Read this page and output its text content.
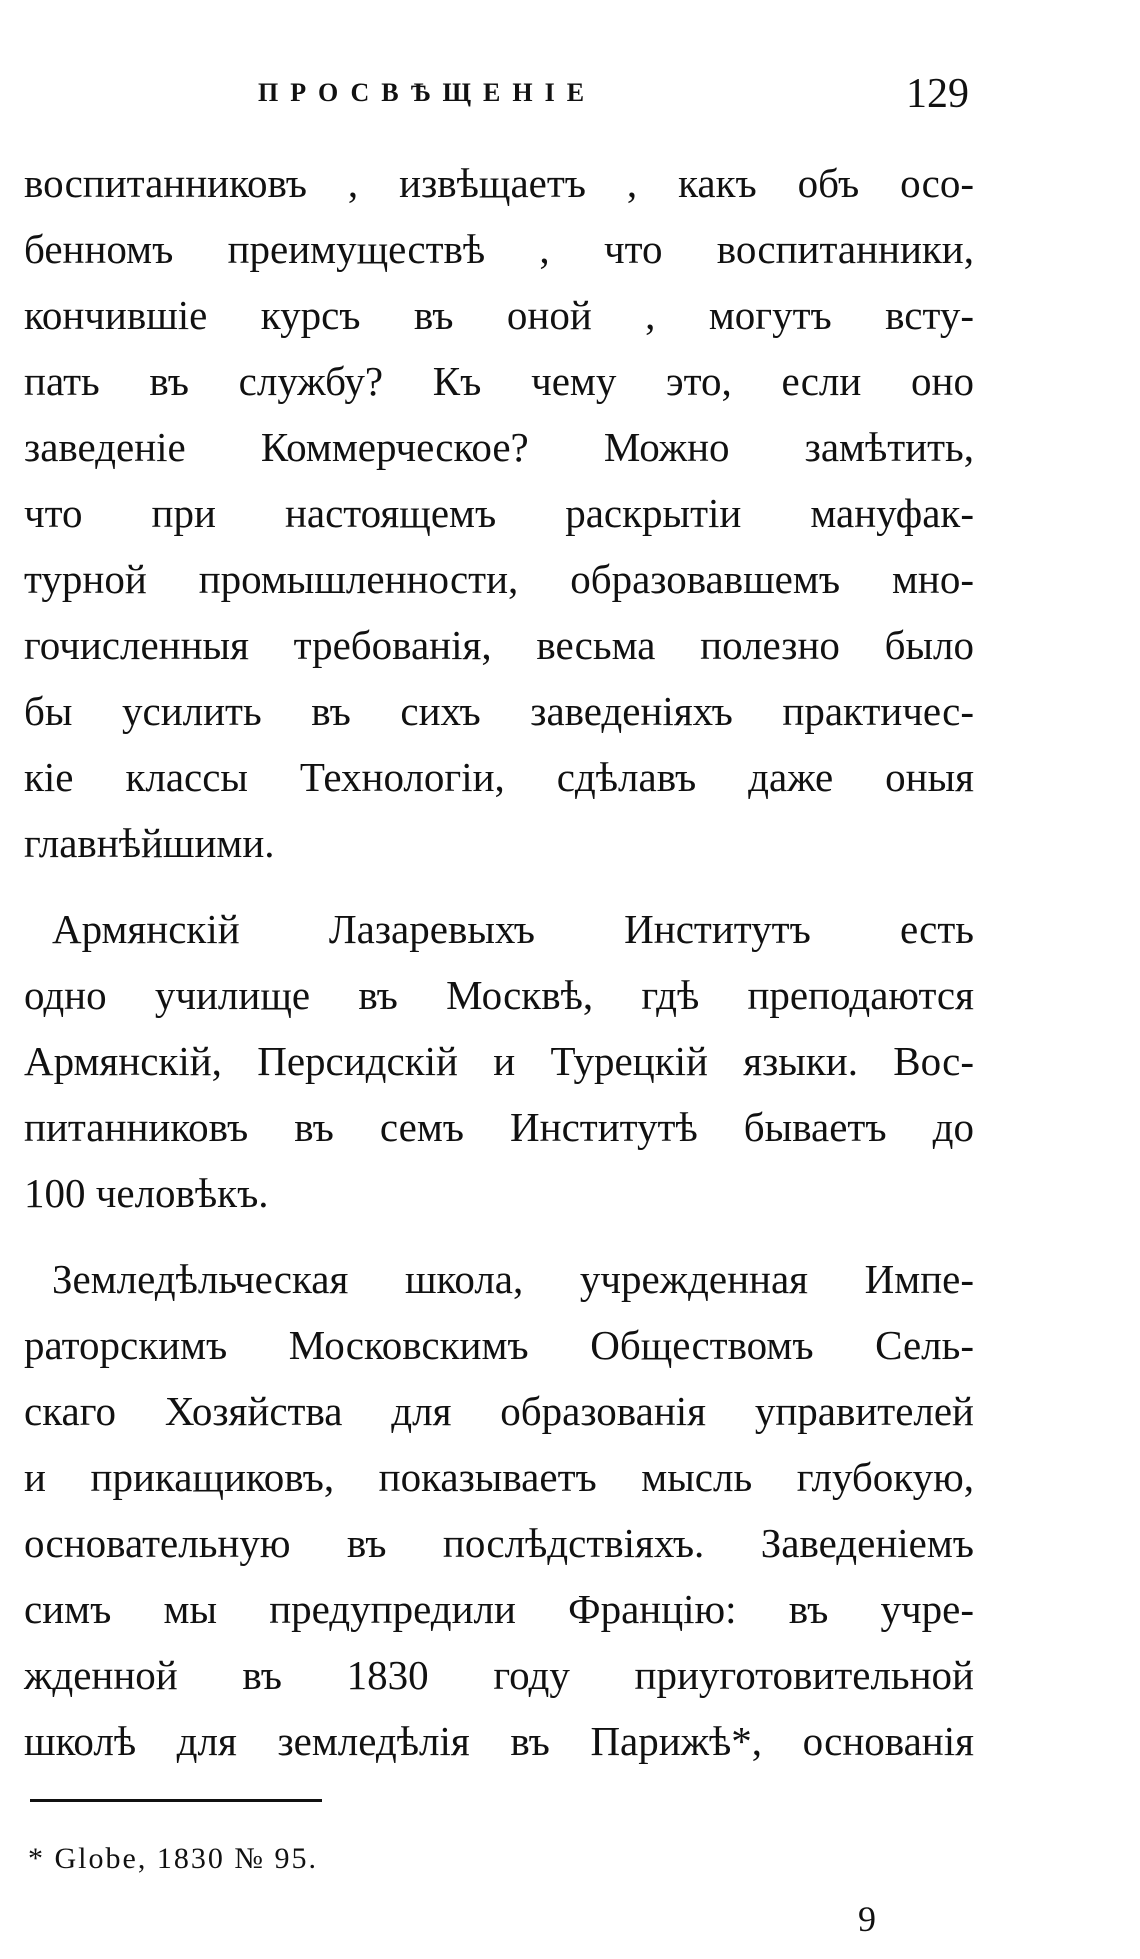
ПРОСВѢЩЕНІЕ	129
воспитанниковъ , извѣщаетъ , какъ объ осо-
бенномъ преимуществѣ , что воспитанники,
кончившіе курсъ въ оной , могутъ всту-
пать въ службу? Къ чему это, если оно
заведеніе Коммерческое? Можно замѣтить,
что при настоящемъ раскрытіи мануфак-
турной промышленности, образовавшемъ мно-
гочисленныя требованія, весьма полезно было
бы усилить въ сихъ заведеніяхъ практичес-
кіе классы Технологіи, сдѣлавъ даже оныя
главнѣйшими.
Армянскій Лазаревыхъ Институтъ есть
одно училище въ Москвѣ, гдѣ преподаются
Армянскій, Персидскій и Турецкій языки. Вос-
питанниковъ въ семъ Институтѣ бываетъ до
100 человѣкъ.
Земледѣльческая школа, учрежденная Импе-
раторскимъ Московскимъ Обществомъ Сель-
скаго Хозяйства для образованія управителей
и прикащиковъ, показываетъ мысль глубокую,
основательную въ послѣдствіяхъ. Заведеніемъ
симъ мы предупредили Францію: въ учре-
жденной въ 1830 году приуготовительной
школѣ для земледѣлія въ Парижѣ*, основанія
* Globe, 1830 № 95.
9
